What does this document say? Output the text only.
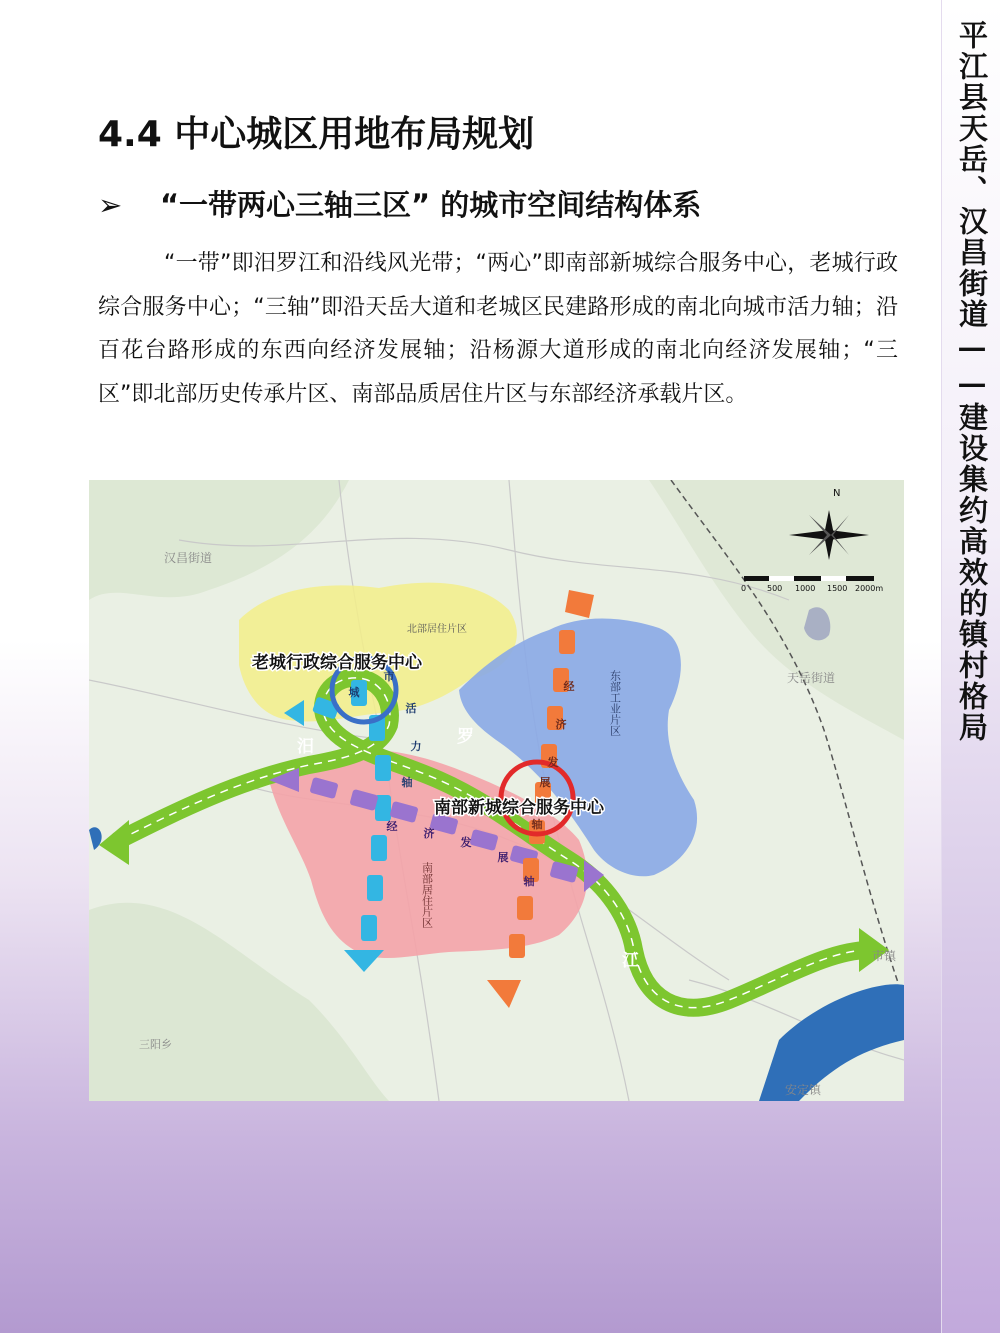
平江县天岳、汉昌街道——建设集约高效的镇村格局
4.4 中心城区用地布局规划
➢ “一带两心三轴三区” 的城市空间结构体系

“一带”即汨罗江和沿线风光带；“两心”即南部新城综合服务中心，老城行政综合服务中心；“三轴”即沿天岳大道和老城区民建路形成的南北向城市活力轴；沿百花台路形成的东西向经济发展轴；沿杨源大道形成的南北向经济发展轴；“三区”即北部历史传承片区、南部品质居住片区与东部经济承载片区。

汨	罗
江
城
市
活
力
轴
经
济
发
展
轴
经
济
发
展
轴
北部居住片区
东部工业片区
南部居住片区
老城行政综合服务中心
南部新城综合服务中心
汉昌街道
天岳街道
三阳乡
安定镇
市镇
N
0	500 1000 1500 2000m
